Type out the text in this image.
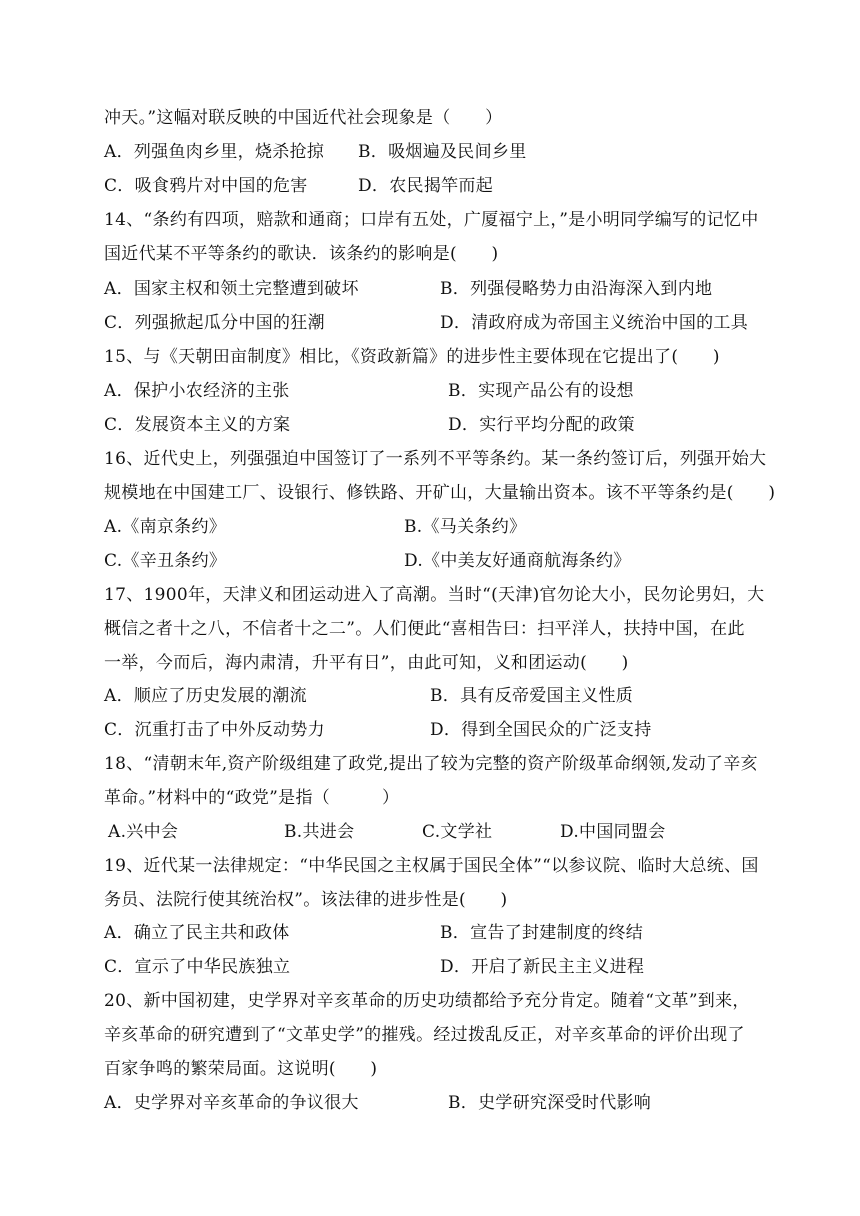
冲天。”这幅对联反映的中国近代社会现象是（　　）
A．列强鱼肉乡里，烧杀抢掠 B．吸烟遍及民间乡里
C．吸食鸦片对中国的危害	D．农民揭竿而起
14、“条约有四项，赔款和通商；口岸有五处，广厦福宁上，”是小明同学编写的记忆中
国近代某不平等条约的歌诀．该条约的影响是(　　)
A．国家主权和领土完整遭到破坏	B．列强侵略势力由沿海深入到内地
C．列强掀起瓜分中国的狂潮	D．清政府成为帝国主义统治中国的工具
15、与《天朝田亩制度》相比，《资政新篇》的进步性主要体现在它提出了(　　)
A．保护小农经济的主张	B．实现产品公有的设想
C．发展资本主义的方案	D．实行平均分配的政策
16、近代史上，列强强迫中国签订了一系列不平等条约。某一条约签订后，列强开始大
规模地在中国建工厂、设银行、修铁路、开矿山，大量输出资本。该不平等条约是(　　)
A.《南京条约》	B.《马关条约》
C.《辛丑条约》	D.《中美友好通商航海条约》
17、1900年，天津义和团运动进入了高潮。当时“(天津)官勿论大小，民勿论男妇，大
概信之者十之八，不信者十之二”。人们便此“喜相告曰：扫平洋人，扶持中国，在此
一举，今而后，海内肃清，升平有日”，由此可知，义和团运动(　　)
A．顺应了历史发展的潮流	B．具有反帝爱国主义性质
C．沉重打击了中外反动势力	D．得到全国民众的广泛支持
18、“清朝末年,资产阶级组建了政党,提出了较为完整的资产阶级革命纲领,发动了辛亥
革命。”材料中的“政党”是指（　　　）
A.兴中会	B.共进会	C.文学社	D.中国同盟会
19、近代某一法律规定：“中华民国之主权属于国民全体”“以参议院、临时大总统、国
务员、法院行使其统治权”。该法律的进步性是(　　)
A．确立了民主共和政体	B．宣告了封建制度的终结
C．宣示了中华民族独立	D．开启了新民主主义进程
20、新中国初建，史学界对辛亥革命的历史功绩都给予充分肯定。随着“文革”到来，
辛亥革命的研究遭到了“文革史学”的摧残。经过拨乱反正，对辛亥革命的评价出现了
百家争鸣的繁荣局面。这说明(　　)
A．史学界对辛亥革命的争议很大	B．史学研究深受时代影响
